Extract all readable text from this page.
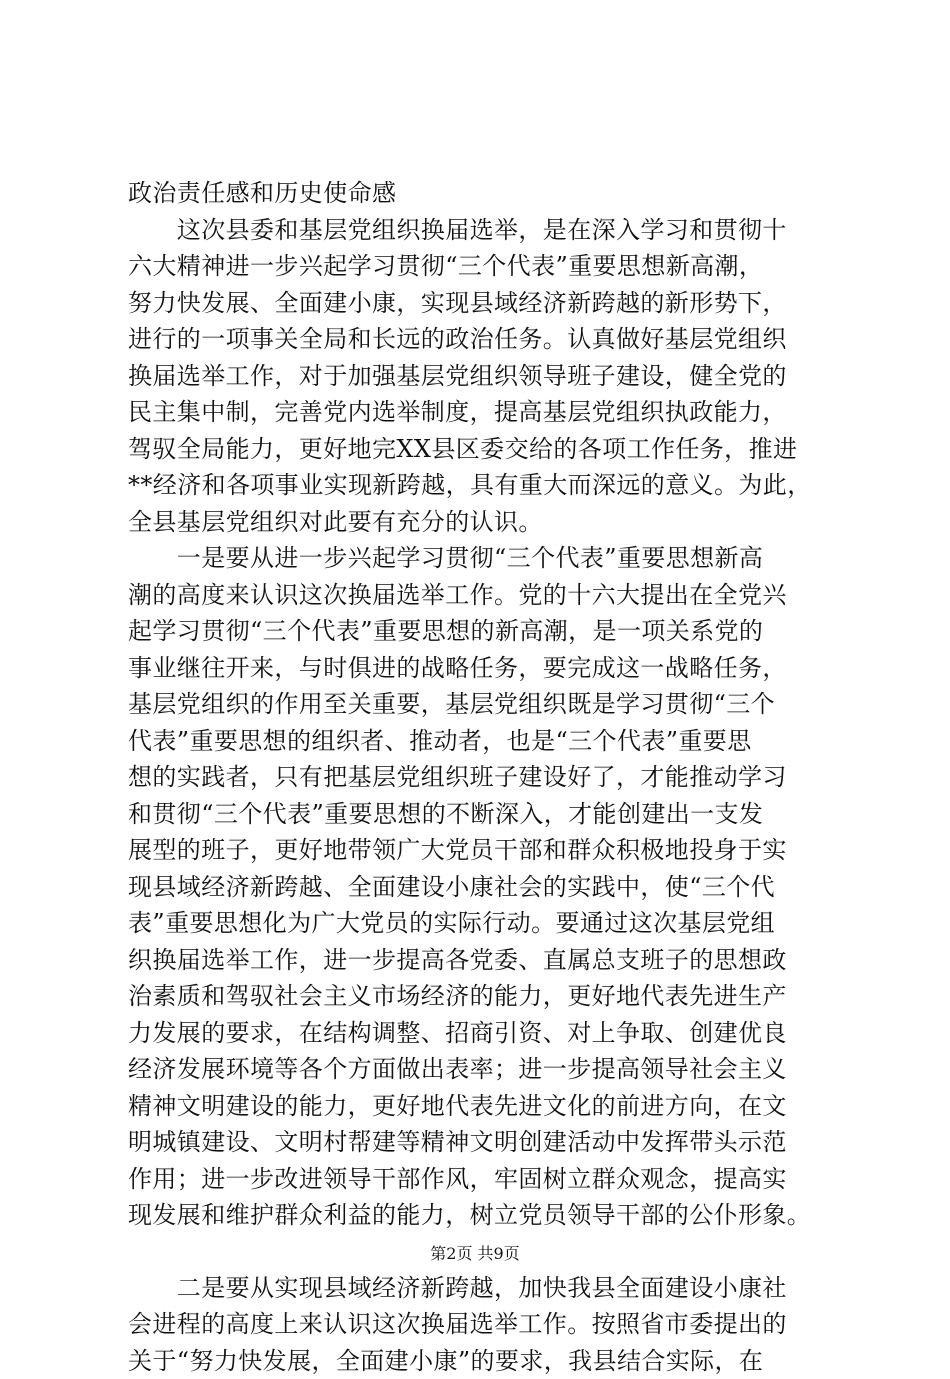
政治责任感和历史使命感
　　这次县委和基层党组织换届选举，是在深入学习和贯彻十
六大精神进一步兴起学习贯彻“三个代表”重要思想新高潮，
努力快发展、全面建小康，实现县域经济新跨越的新形势下，
进行的一项事关全局和长远的政治任务。认真做好基层党组织
换届选举工作，对于加强基层党组织领导班子建设，健全党的
民主集中制，完善党内选举制度，提高基层党组织执政能力，
驾驭全局能力，更好地完XX县区委交给的各项工作任务，推进
**经济和各项事业实现新跨越，具有重大而深远的意义。为此，
全县基层党组织对此要有充分的认识。
　　一是要从进一步兴起学习贯彻“三个代表”重要思想新高
潮的高度来认识这次换届选举工作。党的十六大提出在全党兴
起学习贯彻“三个代表”重要思想的新高潮，是一项关系党的
事业继往开来，与时俱进的战略任务，要完成这一战略任务，
基层党组织的作用至关重要，基层党组织既是学习贯彻“三个
代表”重要思想的组织者、推动者，也是“三个代表”重要思
想的实践者，只有把基层党组织班子建设好了，才能推动学习
和贯彻“三个代表”重要思想的不断深入，才能创建出一支发
展型的班子，更好地带领广大党员干部和群众积极地投身于实
现县域经济新跨越、全面建设小康社会的实践中，使“三个代
表”重要思想化为广大党员的实际行动。要通过这次基层党组
织换届选举工作，进一步提高各党委、直属总支班子的思想政
治素质和驾驭社会主义市场经济的能力，更好地代表先进生产
力发展的要求，在结构调整、招商引资、对上争取、创建优良
经济发展环境等各个方面做出表率；进一步提高领导社会主义
精神文明建设的能力，更好地代表先进文化的前进方向，在文
明城镇建设、文明村帮建等精神文明创建活动中发挥带头示范
作用；进一步改进领导干部作风，牢固树立群众观念，提高实
现发展和维护群众利益的能力，树立党员领导干部的公仆形象。
　　二是要从实现县域经济新跨越，加快我县全面建设小康社
会进程的高度上来认识这次换届选举工作。按照省市委提出的
关于“努力快发展，全面建小康”的要求，我县结合实际，在
第2页 共9页
